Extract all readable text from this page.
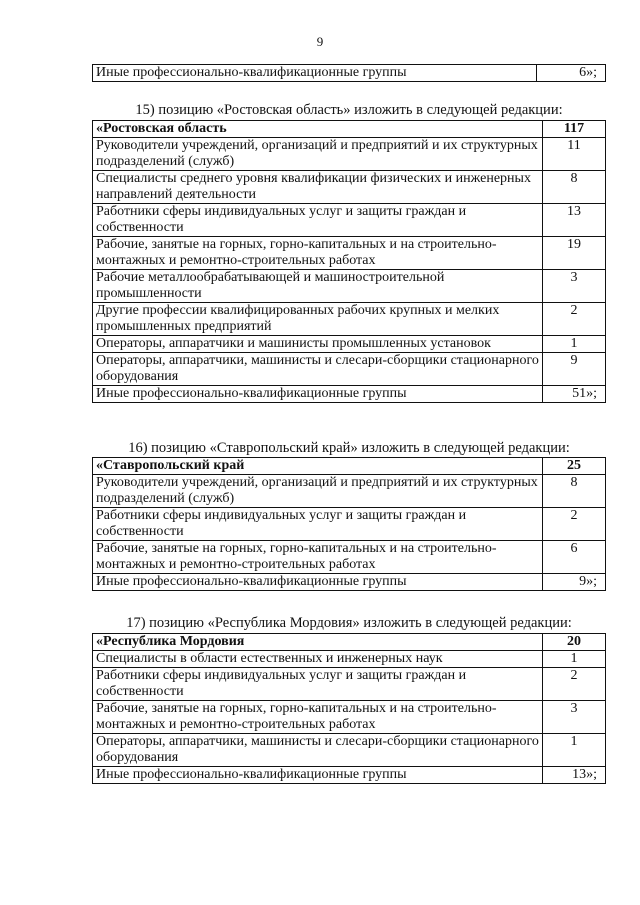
9
Иные профессионально-квалификационные группы	6»;
15) позицию «Ростовская область» изложить в следующей редакции:
«Ростовская область	117
Руководители учреждений, организаций и предприятий и их структурных подразделений (служб)	11
Специалисты среднего уровня квалификации физических и инженерных направлений деятельности	8
Работники сферы индивидуальных услуг и защиты граждан и собственности	13
Рабочие, занятые на горных, горно-капитальных и на строительно-монтажных и ремонтно-строительных работах	19
Рабочие металлообрабатывающей и машиностроительной промышленности	3
Другие профессии квалифицированных рабочих крупных и мелких промышленных предприятий	2
Операторы, аппаратчики и машинисты промышленных установок	1
Операторы, аппаратчики, машинисты и слесари-сборщики стационарного оборудования	9
Иные профессионально-квалификационные группы	51»;
16) позицию «Ставропольский край» изложить в следующей редакции:
«Ставропольский край	25
Руководители учреждений, организаций и предприятий и их структурных подразделений (служб)	8
Работники сферы индивидуальных услуг и защиты граждан и собственности	2
Рабочие, занятые на горных, горно-капитальных и на строительно-монтажных и ремонтно-строительных работах	6
Иные профессионально-квалификационные группы	9»;
17) позицию «Республика Мордовия» изложить в следующей редакции:
«Республика Мордовия	20
Специалисты в области естественных и инженерных наук	1
Работники сферы индивидуальных услуг и защиты граждан и собственности	2
Рабочие, занятые на горных, горно-капитальных и на строительно-монтажных и ремонтно-строительных работах	3
Операторы, аппаратчики, машинисты и слесари-сборщики стационарного оборудования	1
Иные профессионально-квалификационные группы	13»;
